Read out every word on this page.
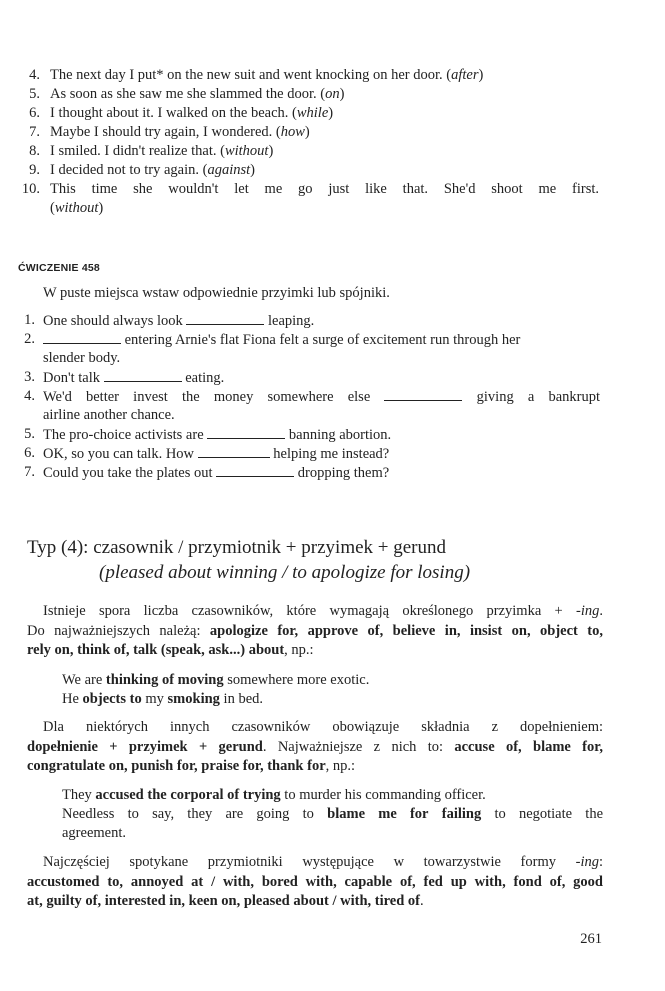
4. The next day I put* on the new suit and went knocking on her door. (after)
5. As soon as she saw me she slammed the door. (on)
6. I thought about it. I walked on the beach. (while)
7. Maybe I should try again, I wondered. (how)
8. I smiled. I didn't realize that. (without)
9. I decided not to try again. (against)
10. This time she wouldn't let me go just like that. She'd shoot me first.
(without)
ĆWICZENIE 458
W puste miejsca wstaw odpowiednie przyimki lub spójniki.
1. One should always look	leaping.
2.	entering Arnie's flat Fiona felt a surge of excitement run through her
slender body.
3. Don't talk	eating.
4. We'd better invest the money somewhere else	giving a bankrupt
airline another chance.
5. The pro-choice activists are	banning abortion.
6. OK, so you can talk. How	helping me instead?
7. Could you take the plates out	dropping them?
Typ (4): czasownik / przymiotnik + przyimek + gerund
(pleased about winning / to apologize for losing)
Istnieje spora liczba czasowników, które wymagają określonego przyimka + -ing.
Do najważniejszych należą: apologize for, approve of, believe in, insist on, object to,
rely on, think of, talk (speak, ask...) about, np.:
We are thinking of moving somewhere more exotic.
He objects to my smoking in bed.
Dla niektórych innych czasowników obowiązuje składnia z dopełnieniem:
dopełnienie + przyimek + gerund. Najważniejsze z nich to: accuse of, blame for,
congratulate on, punish for, praise for, thank for, np.:
They accused the corporal of trying to murder his commanding officer.
Needless to say, they are going to blame me for failing to negotiate the
agreement.
Najczęściej spotykane przymiotniki występujące w towarzystwie formy -ing:
accustomed to, annoyed at / with, bored with, capable of, fed up with, fond of, good
at, guilty of, interested in, keen on, pleased about / with, tired of.
261
